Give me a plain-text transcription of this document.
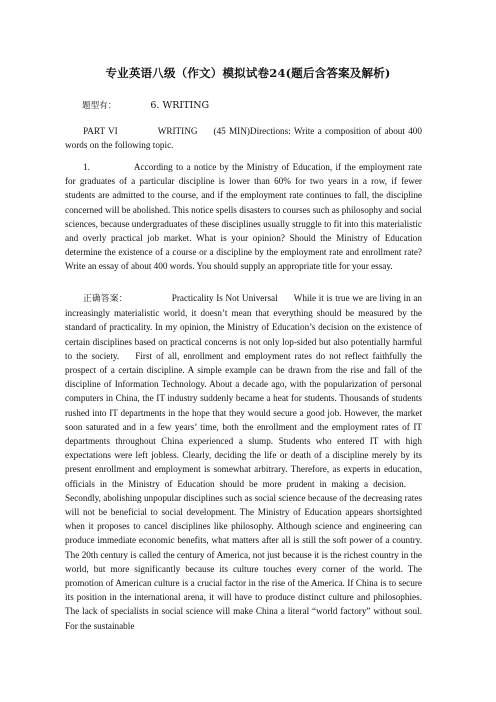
专业英语八级（作文）模拟试卷24(题后含答案及解析)
题型有：	6. WRITING
PART VI	WRITING (45 MIN)Directions: Write a composition of about 400 words on the following topic.
1.	According to a notice by the Ministry of Education, if the employment rate for graduates of a particular discipline is lower than 60% for two years in a row, if fewer students are admitted to the course, and if the employment rate continues to fall, the discipline concerned will be abolished. This notice spells disasters to courses such as philosophy and social sciences, because undergraduates of these disciplines usually struggle to fit into this materialistic and overly practical job market. What is your opinion? Should the Ministry of Education determine the existence of a course or a discipline by the employment rate and enrollment rate? Write an essay of about 400 words. You should supply an appropriate title for your essay.
正确答案：	Practicality Is Not Universal While it is true we are living in an increasingly materialistic world, it doesn’t mean that everything should be measured by the standard of practicality. In my opinion, the Ministry of Education’s decision on the existence of certain disciplines based on practical concerns is not only lop-sided but also potentially harmful to the society. First of all, enrollment and employment rates do not reflect faithfully the prospect of a certain discipline. A simple example can be drawn from the rise and fall of the discipline of Information Technology. About a decade ago, with the popularization of personal computers in China, the IT industry suddenly became a heat for students. Thousands of students rushed into IT departments in the hope that they would secure a good job. However, the market soon saturated and in a few years’ time, both the enrollment and the employment rates of IT departments throughout China experienced a slump. Students who entered IT with high expectations were left jobless. Clearly, deciding the life or death of a discipline merely by its present enrollment and employment is somewhat arbitrary. Therefore, as experts in education, officials in the Ministry of Education should be more prudent in making a decision.Secondly, abolishing unpopular disciplines such as social science because of the decreasing rates will not be beneficial to social development. The Ministry of Education appears shortsighted when it proposes to cancel disciplines like philosophy. Although science and engineering can produce immediate economic benefits, what matters after all is still the soft power of a country. The 20th century is called the century of America, not just because it is the richest country in the world, but more significantly because its culture touches every corner of the world. The promotion of American culture is a crucial factor in the rise of the America. If China is to secure its position in the international arena, it will have to produce distinct culture and philosophies. The lack of specialists in social science will make China a literal “world factory” without soul. For the sustainable
